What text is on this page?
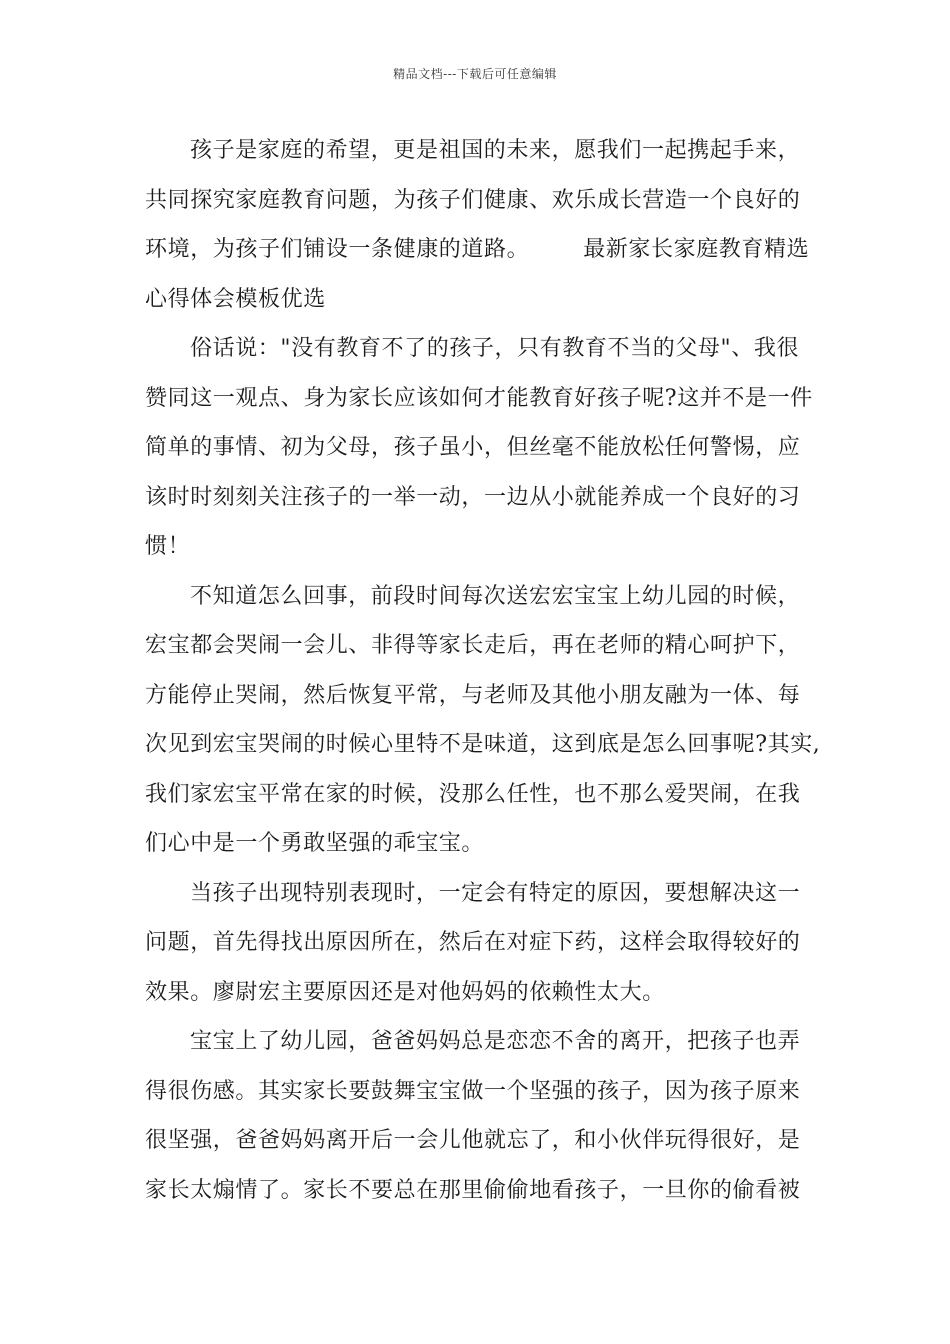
精品文档---下载后可任意编辑
孩子是家庭的希望，更是祖国的未来，愿我们一起携起手来，
共同探究家庭教育问题，为孩子们健康、欢乐成长营造一个良好的
环境，为孩子们铺设一条健康的道路。 最新家长家庭教育精选
心得体会模板优选
俗话说："没有教育不了的孩子，只有教育不当的父母"、我很
赞同这一观点、身为家长应该如何才能教育好孩子呢?这并不是一件
简单的事情、初为父母，孩子虽小，但丝毫不能放松任何警惕，应
该时时刻刻关注孩子的一举一动，一边从小就能养成一个良好的习
惯！
不知道怎么回事，前段时间每次送宏宏宝宝上幼儿园的时候，
宏宝都会哭闹一会儿、非得等家长走后，再在老师的精心呵护下，
方能停止哭闹，然后恢复平常，与老师及其他小朋友融为一体、每
次见到宏宝哭闹的时候心里特不是味道，这到底是怎么回事呢?其实,
我们家宏宝平常在家的时候，没那么任性，也不那么爱哭闹，在我
们心中是一个勇敢坚强的乖宝宝。
当孩子出现特别表现时，一定会有特定的原因，要想解决这一
问题，首先得找出原因所在，然后在对症下药，这样会取得较好的
效果。廖尉宏主要原因还是对他妈妈的依赖性太大。
宝宝上了幼儿园，爸爸妈妈总是恋恋不舍的离开，把孩子也弄
得很伤感。其实家长要鼓舞宝宝做一个坚强的孩子，因为孩子原来
很坚强，爸爸妈妈离开后一会儿他就忘了，和小伙伴玩得很好，是
家长太煽情了。家长不要总在那里偷偷地看孩子，一旦你的偷看被
